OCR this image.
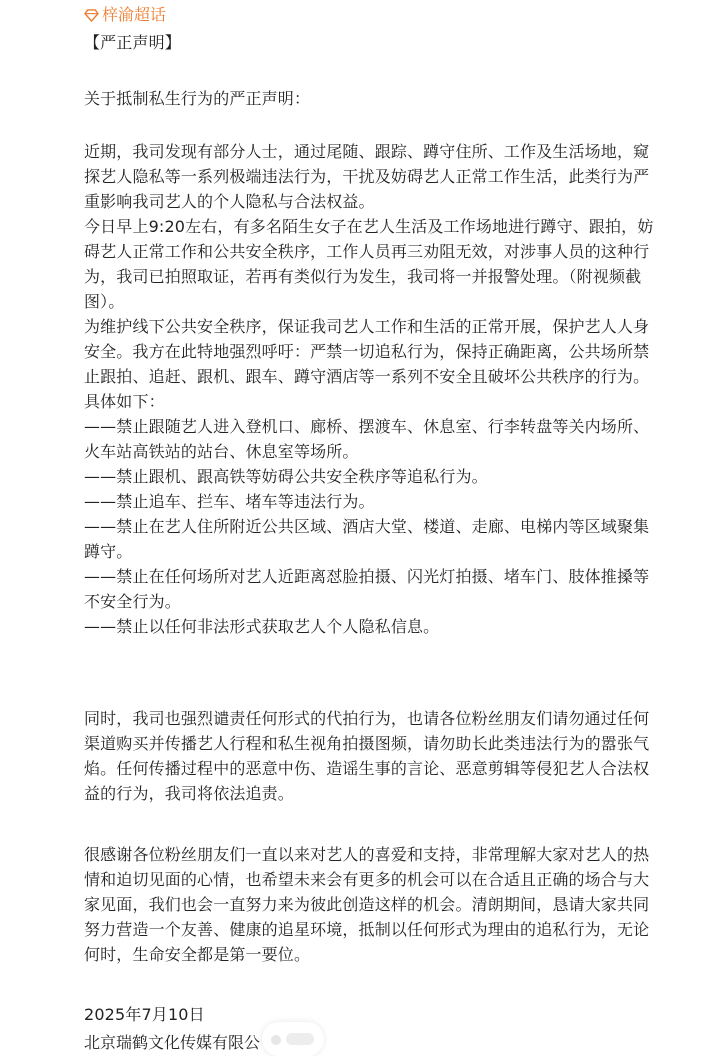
梓渝超话

【严正声明】

关于抵制私生行为的严正声明：

近期，我司发现有部分人士，通过尾随、跟踪、蹲守住所、工作及生活场地，窥
探艺人隐私等一系列极端违法行为，干扰及妨碍艺人正常工作生活，此类行为严
重影响我司艺人的个人隐私与合法权益。
今日早上9:20左右，有多名陌生女子在艺人生活及工作场地进行蹲守、跟拍，妨
碍艺人正常工作和公共安全秩序，工作人员再三劝阻无效，对涉事人员的这种行
为，我司已拍照取证，若再有类似行为发生，我司将一并报警处理。（附视频截
图）。
为维护线下公共安全秩序，保证我司艺人工作和生活的正常开展，保护艺人人身
安全。我方在此特地强烈呼吁：严禁一切追私行为，保持正确距离，公共场所禁
止跟拍、追赶、跟机、跟车、蹲守酒店等一系列不安全且破坏公共秩序的行为。
具体如下：
——禁止跟随艺人进入登机口、廊桥、摆渡车、休息室、行李转盘等关内场所、
火车站高铁站的站台、休息室等场所。
——禁止跟机、跟高铁等妨碍公共安全秩序等追私行为。
——禁止追车、拦车、堵车等违法行为。
——禁止在艺人住所附近公共区域、酒店大堂、楼道、走廊、电梯内等区域聚集
蹲守。
——禁止在任何场所对艺人近距离怼脸拍摄、闪光灯拍摄、堵车门、肢体推搡等
不安全行为。
——禁止以任何非法形式获取艺人个人隐私信息。
同时，我司也强烈谴责任何形式的代拍行为，也请各位粉丝朋友们请勿通过任何
渠道购买并传播艺人行程和私生视角拍摄图频，请勿助长此类违法行为的嚣张气
焰。任何传播过程中的恶意中伤、造谣生事的言论、恶意剪辑等侵犯艺人合法权
益的行为，我司将依法追责。
很感谢各位粉丝朋友们一直以来对艺人的喜爱和支持，非常理解大家对艺人的热
情和迫切见面的心情，也希望未来会有更多的机会可以在合适且正确的场合与大
家见面，我们也会一直努力来为彼此创造这样的机会。清朗期间，恳请大家共同
努力营造一个友善、健康的追星环境，抵制以任何形式为理由的追私行为，无论
何时，生命安全都是第一要位。

2025年7月10日

北京瑞鹤文化传媒有限公
